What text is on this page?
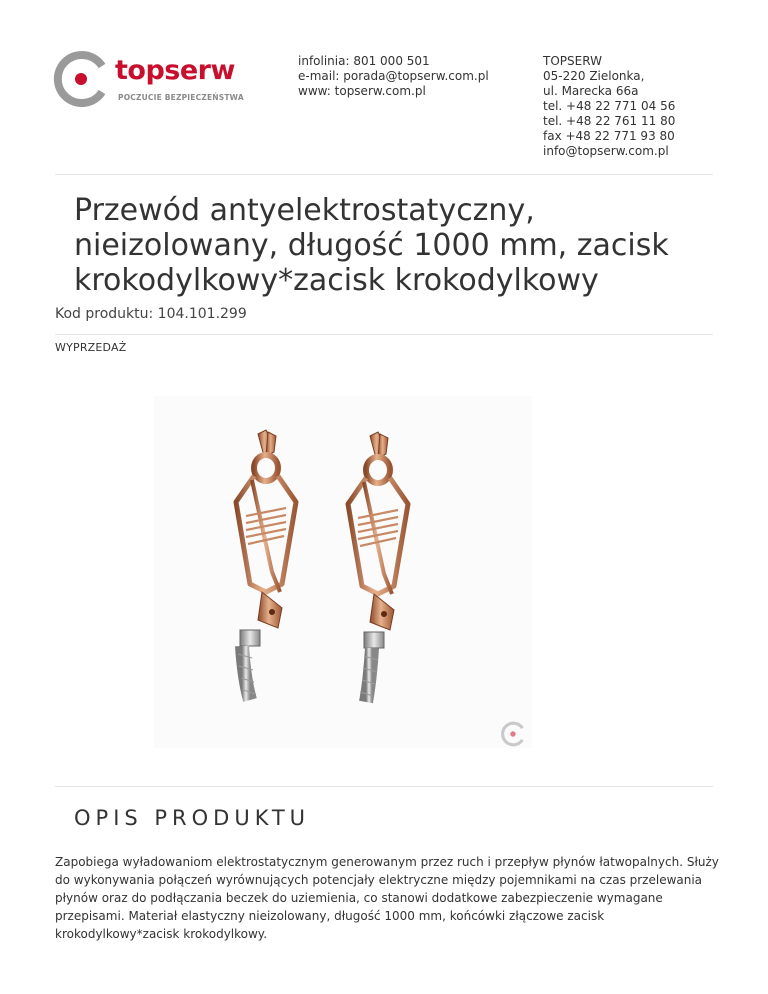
topserw
POCZUCIE BEZPIECZEŃSTWA
infolinia: 801 000 501
e-mail: porada@topserw.com.pl
www: topserw.com.pl
TOPSERW
05-220 Zielonka,
ul. Marecka 66a
tel. +48 22 771 04 56
tel. +48 22 761 11 80
fax +48 22 771 93 80
info@topserw.com.pl
Przewód antyelektrostatyczny, nieizolowany, długość 1000 mm, zacisk krokodylkowy*zacisk krokodylkowy
Kod produktu: 104.101.299
WYPRZEDAŻ
OPIS PRODUKTU

Zapobiega wyładowaniom elektrostatycznym generowanym przez ruch i przepływ płynów łatwopalnych. Służy do wykonywania połączeń wyrównujących potencjały elektryczne między pojemnikami na czas przelewania płynów oraz do podłączania beczek do uziemienia, co stanowi dodatkowe zabezpieczenie wymagane przepisami. Materiał elastyczny nieizolowany, długość 1000 mm, końcówki złączowe zacisk krokodylkowy*zacisk krokodylkowy.
